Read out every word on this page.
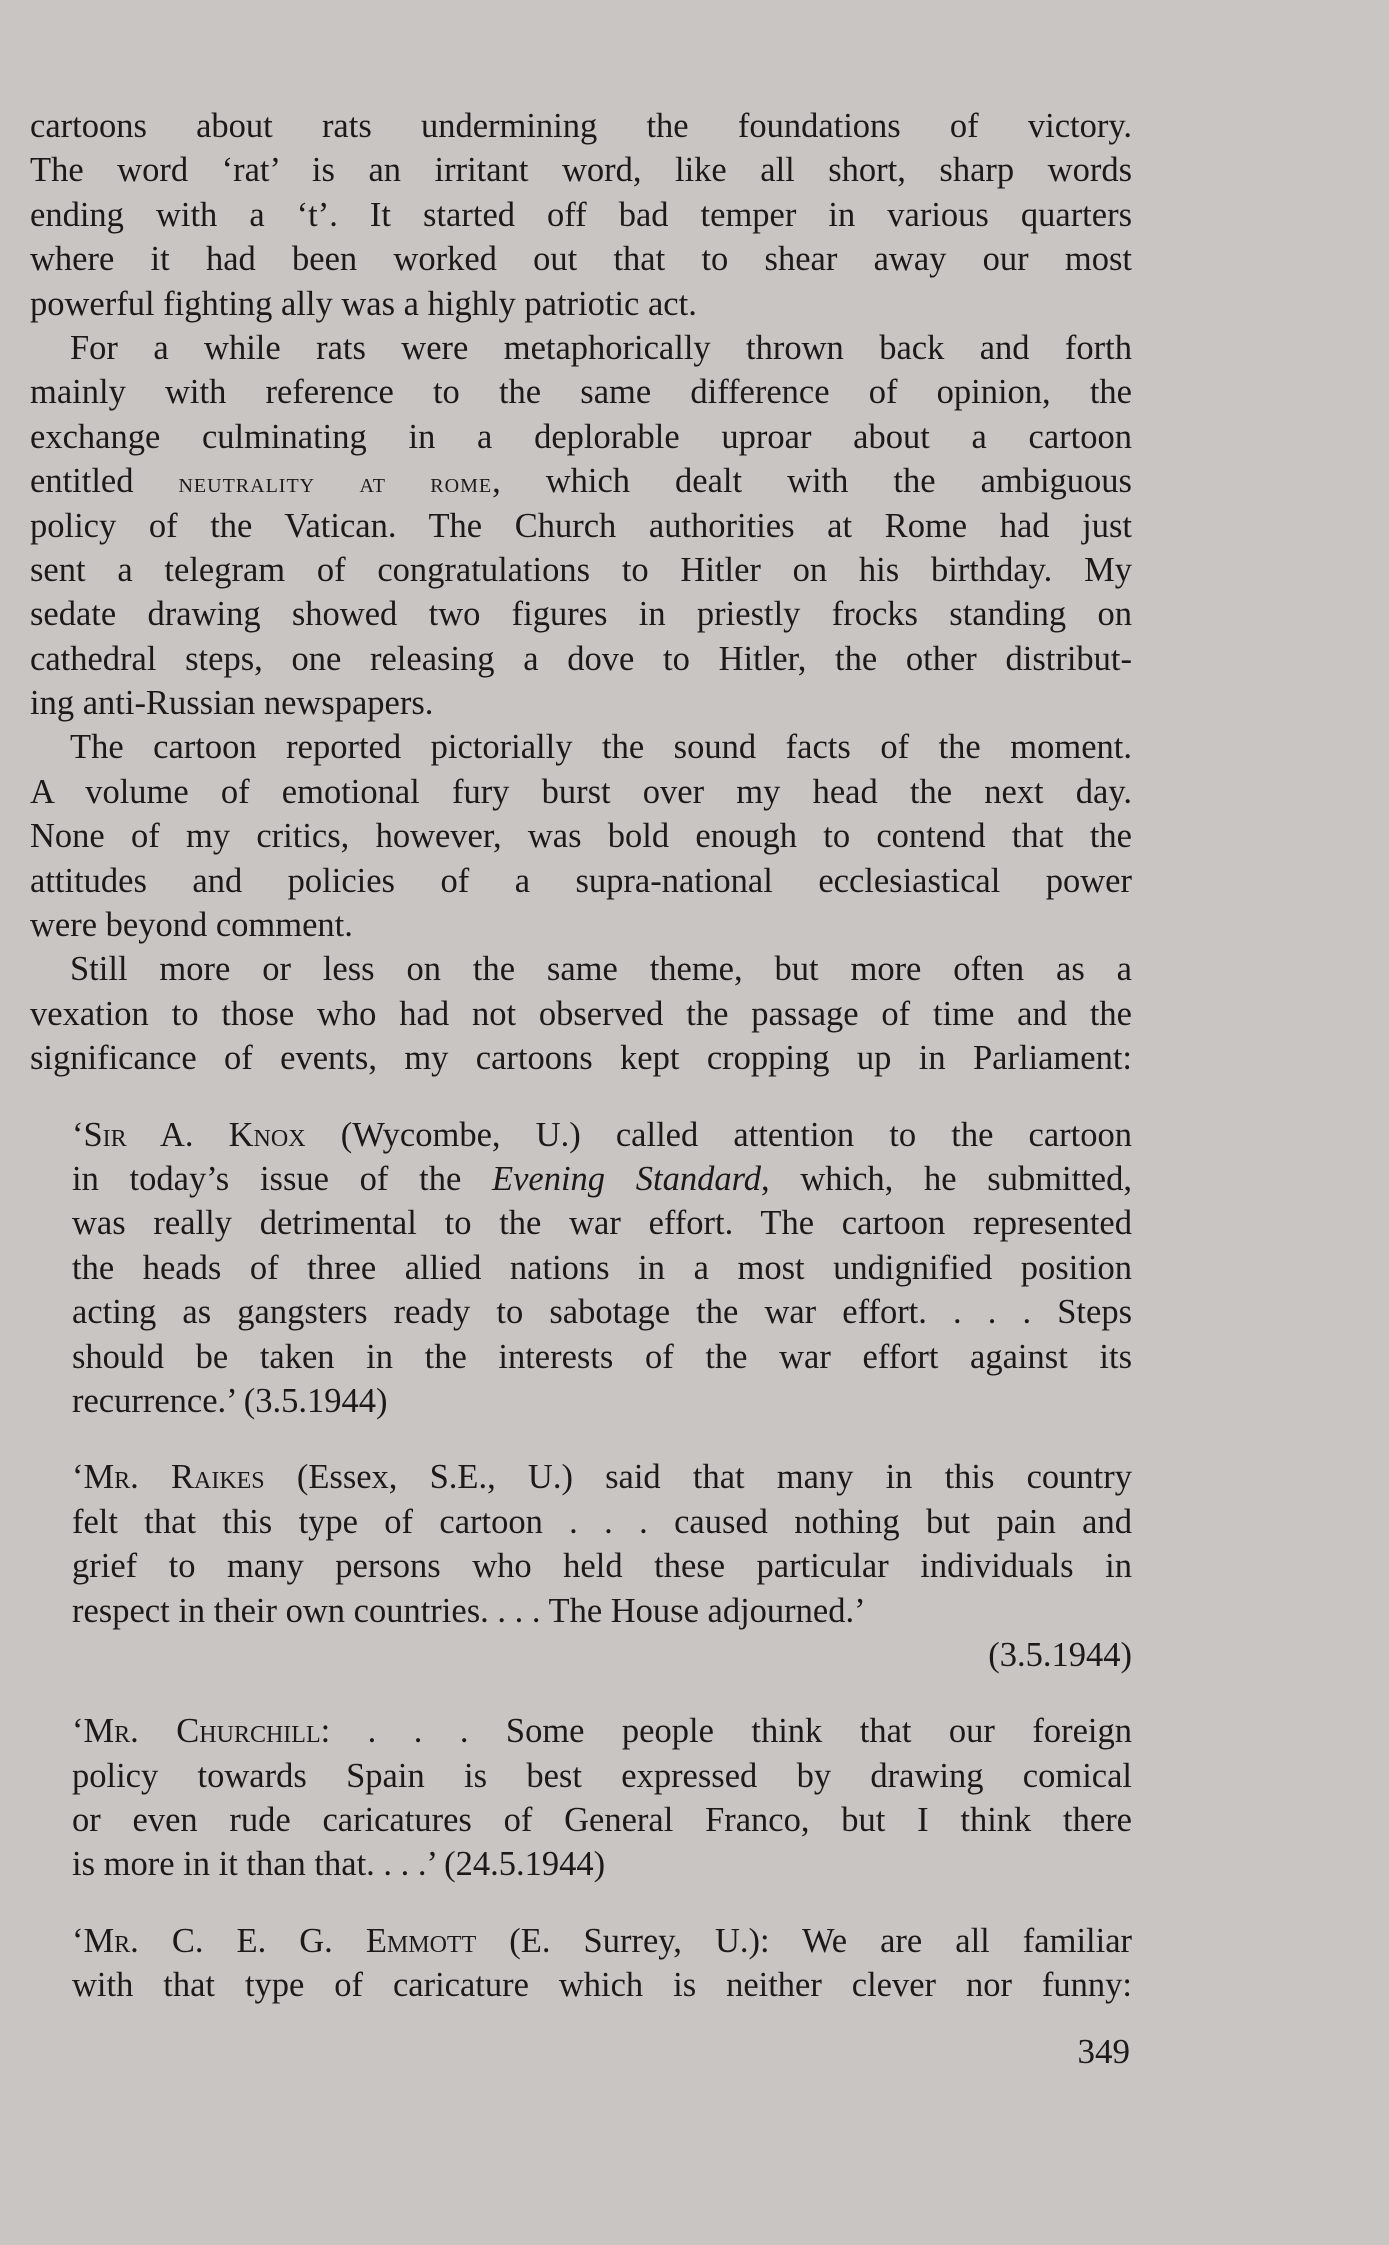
cartoons about rats undermining the foundations of victory.
The word ‘rat’ is an irritant word, like all short, sharp words
ending with a ‘t’. It started off bad temper in various quarters
where it had been worked out that to shear away our most
powerful fighting ally was a highly patriotic act.
For a while rats were metaphorically thrown back and forth
mainly with reference to the same difference of opinion, the
exchange culminating in a deplorable uproar about a cartoon
entitled neutrality at rome, which dealt with the ambiguous
policy of the Vatican. The Church authorities at Rome had just
sent a telegram of congratulations to Hitler on his birthday. My
sedate drawing showed two figures in priestly frocks standing on
cathedral steps, one releasing a dove to Hitler, the other distribut-
ing anti-Russian newspapers.
The cartoon reported pictorially the sound facts of the moment.
A volume of emotional fury burst over my head the next day.
None of my critics, however, was bold enough to contend that the
attitudes and policies of a supra-national ecclesiastical power
were beyond comment.
Still more or less on the same theme, but more often as a
vexation to those who had not observed the passage of time and the
significance of events, my cartoons kept cropping up in Parliament:
‘Sir A. Knox (Wycombe, U.) called attention to the cartoon
in today’s issue of the Evening Standard, which, he submitted,
was really detrimental to the war effort. The cartoon represented
the heads of three allied nations in a most undignified position
acting as gangsters ready to sabotage the war effort. . . . Steps
should be taken in the interests of the war effort against its
recurrence.’ (3.5.1944)
‘Mr. Raikes (Essex, S.E., U.) said that many in this country
felt that this type of cartoon . . . caused nothing but pain and
grief to many persons who held these particular individuals in
respect in their own countries. . . . The House adjourned.’
(3.5.1944)
‘Mr. Churchill: . . . Some people think that our foreign
policy towards Spain is best expressed by drawing comical
or even rude caricatures of General Franco, but I think there
is more in it than that. . . .’ (24.5.1944)
‘Mr. C. E. G. Emmott (E. Surrey, U.): We are all familiar
with that type of caricature which is neither clever nor funny:
349
